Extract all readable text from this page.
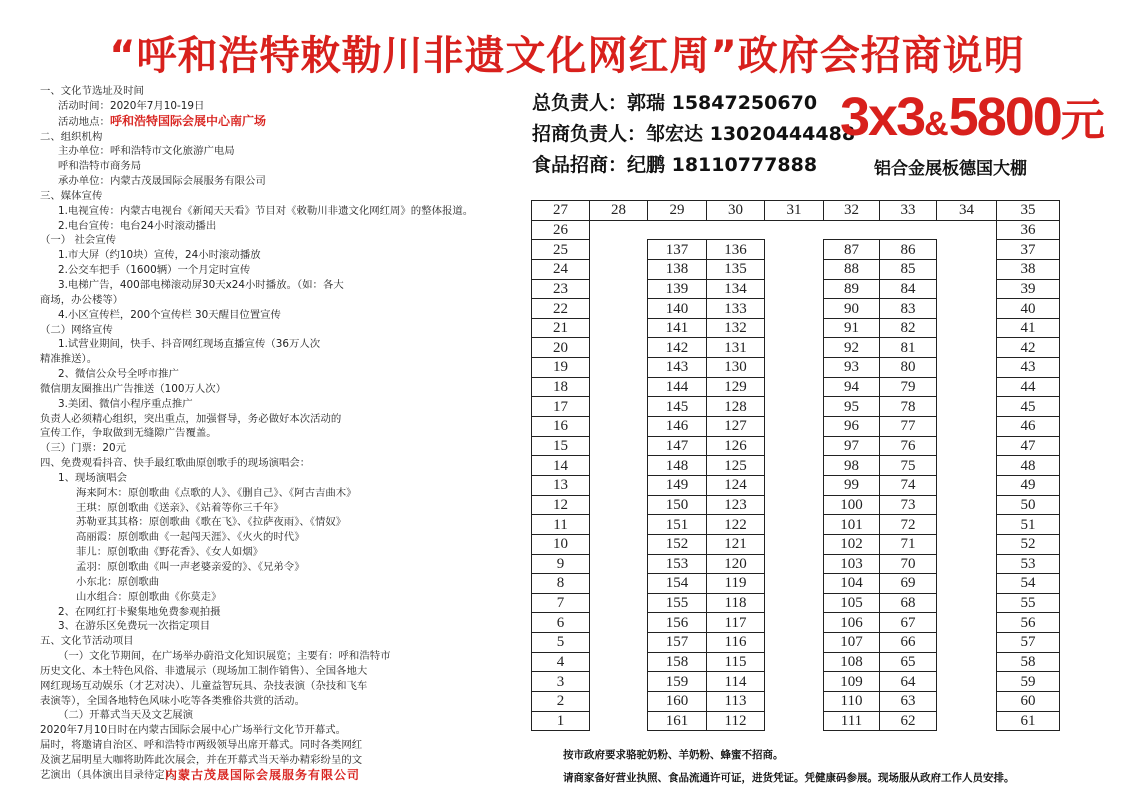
“呼和浩特敕勒川非遗文化网红周”政府会招商说明
一、文化节选址及时间
活动时间：2020年7月10-19日
活动地点：呼和浩特国际会展中心南广场
二、组织机构
主办单位：呼和浩特市文化旅游广电局
呼和浩特市商务局
承办单位：内蒙古茂晟国际会展服务有限公司
三、媒体宣传
1.电视宣传：内蒙古电视台《新闻天天看》节目对《敕勒川非遗文化网红周》的整体报道。
2.电台宣传：电台24小时滚动播出
（一） 社会宣传
1.市大屏（约10块）宣传，24小时滚动播放
2.公交车把手（1600辆）一个月定时宣传
3.电梯广告，400部电梯滚动屏30天x24小时播放。（如：各大
商场，办公楼等）
4.小区宣传栏，200个宣传栏 30天醒目位置宣传
（二）网络宣传
1.试营业期间，快手、抖音网红现场直播宣传（36万人次
精准推送）。
2、微信公众号全呼市推广
微信朋友圈推出广告推送（100万人次）
3.美团、微信小程序重点推广
负责人必须精心组织，突出重点，加强督导，务必做好本次活动的
宣传工作，争取做到无缝隙广告覆盖。
（三）门票：20元
四、免费观看抖音、快手最红歌曲原创歌手的现场演唱会：
1、现场演唱会
海来阿木：原创歌曲《点歌的人》、《删自己》、《阿古吉曲木》
王琪：原创歌曲《送亲》、《站着等你三千年》
苏勒亚其其格：原创歌曲《歌在飞》、《拉萨夜雨》、《情奴》
高丽霞：原创歌曲《一起闯天涯》、《火火的时代》
菲儿：原创歌曲《野花香》、《女人如烟》
孟羽：原创歌曲《叫一声老婆亲爱的》、《兄弟令》
小东北：原创歌曲
山水组合：原创歌曲《你莫走》
2、在网红打卡聚集地免费参观拍摄
3、在游乐区免费玩一次指定项目
五、文化节活动项目
（一）文化节期间，在广场举办蔚沿文化知识展览；主要有：呼和浩特市
历史文化、本土特色风俗、非遗展示（现场加工制作销售）、全国各地大
网红现场互动娱乐（才艺对决）、儿童益智玩具、杂技表演（杂技和飞车
表演等），全国各地特色风味小吃等各类雅俗共赏的活动。
（二）开幕式当天及文艺展演
2020年7月10日时在内蒙古国际会展中心广场举行文化节开幕式。
届时，将邀请自治区、呼和浩特市两级领导出席开幕式。同时各类网红
及演艺届明星大咖将助阵此次展会，并在开幕式当天举办精彩纷呈的文
艺演出（具体演出目录待定）。
内蒙古茂晟国际会展服务有限公司
总负责人：郭瑞 15847250670
招商负责人：邹宏达 13020444488
食品招商：纪鹏 18110777888
3x3&5800元
铝合金展板德国大棚
27	28	29	30	31	32	33	34	35
26								36
25		137	136		87	86		37
24		138	135		88	85		38
23		139	134		89	84		39
22		140	133		90	83		40
21		141	132		91	82		41
20		142	131		92	81		42
19		143	130		93	80		43
18		144	129		94	79		44
17		145	128		95	78		45
16		146	127		96	77		46
15		147	126		97	76		47
14		148	125		98	75		48
13		149	124		99	74		49
12		150	123		100	73		50
11		151	122		101	72		51
10		152	121		102	71		52
9		153	120		103	70		53
8		154	119		104	69		54
7		155	118		105	68		55
6		156	117		106	67		56
5		157	116		107	66		57
4		158	115		108	65		58
3		159	114		109	64		59
2		160	113		110	63		60
1		161	112		111	62		61
按市政府要求骆驼奶粉、羊奶粉、蜂蜜不招商。
请商家备好营业执照、食品流通许可证，进货凭证。凭健康码参展。现场服从政府工作人员安排。
